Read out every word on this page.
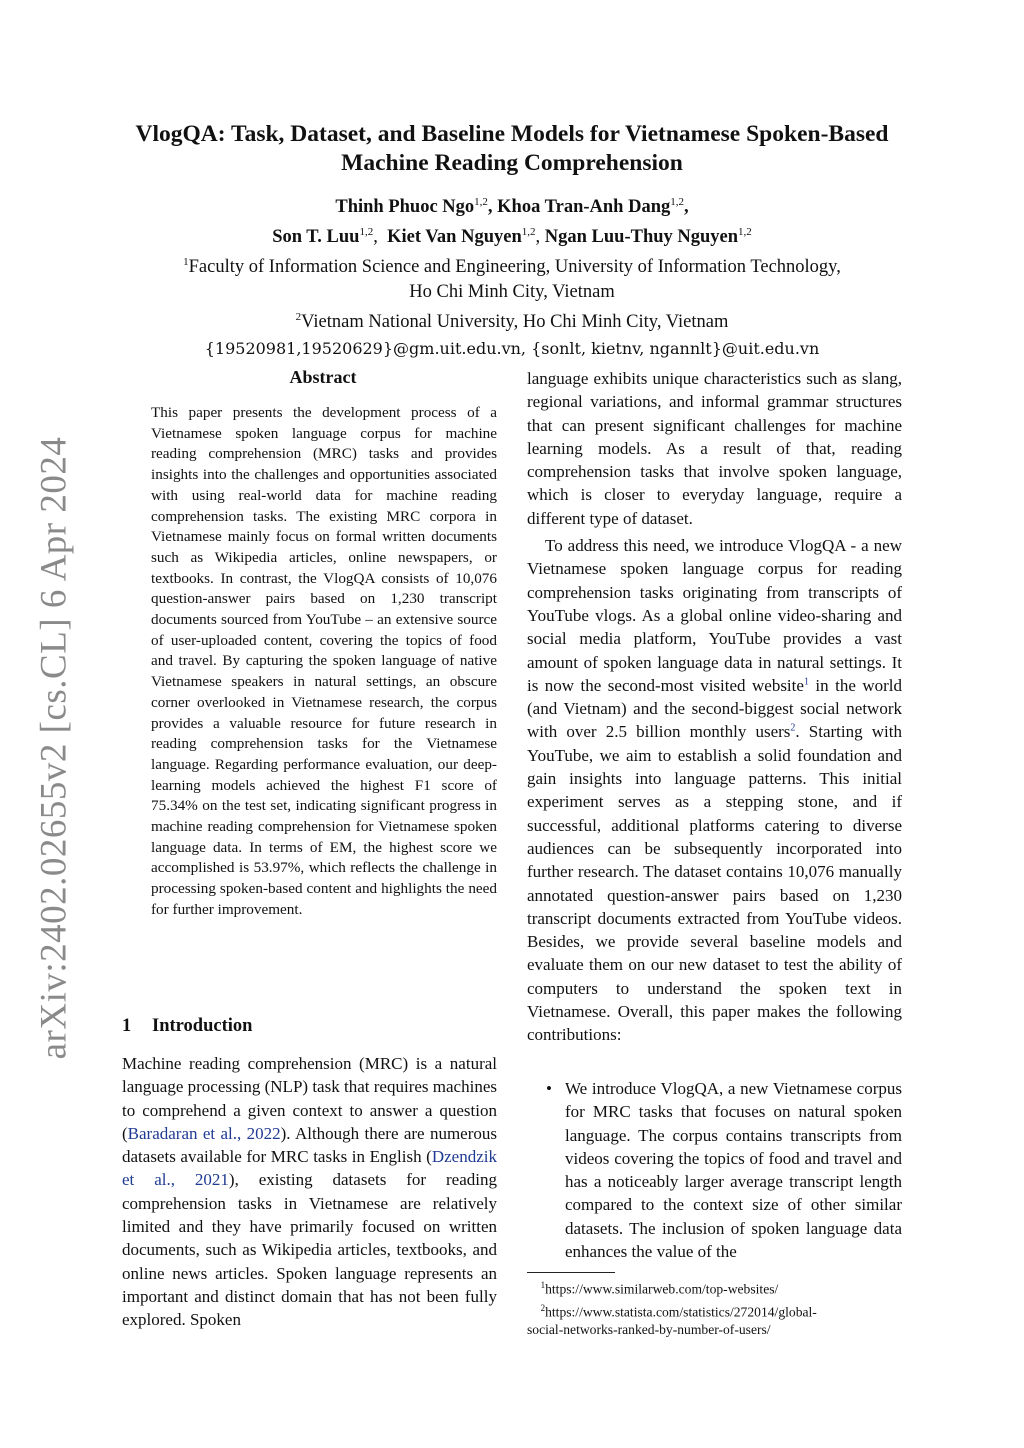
arXiv:2402.02655v2 [cs.CL] 6 Apr 2024
VlogQA: Task, Dataset, and Baseline Models for Vietnamese Spoken-Based
Machine Reading Comprehension
Thinh Phuoc Ngo$^{1,2}$, Khoa Tran-Anh Dang$^{1,2}$,
Son T. Luu$^{1,2}$,  Kiet Van Nguyen$^{1,2}$, Ngan Luu-Thuy Nguyen$^{1,2}$
$^1$Faculty of Information Science and Engineering, University of Information Technology,
Ho Chi Minh City, Vietnam
$^2$Vietnam National University, Ho Chi Minh City, Vietnam
{19520981,19520629}@gm.uit.edu.vn, {sonlt, kietnv, ngannlt}@uit.edu.vn
Abstract
This paper presents the development process of a Vietnamese spoken language corpus for machine reading comprehension (MRC) tasks and provides insights into the challenges and opportunities associated with using real-world data for machine reading comprehension tasks. The existing MRC corpora in Vietnamese mainly focus on formal written documents such as Wikipedia articles, online newspapers, or textbooks. In contrast, the VlogQA consists of 10,076 question-answer pairs based on 1,230 transcript documents sourced from YouTube – an extensive source of user-uploaded content, covering the topics of food and travel. By capturing the spoken language of native Vietnamese speakers in natural settings, an obscure corner overlooked in Vietnamese research, the corpus provides a valuable resource for future research in reading comprehension tasks for the Vietnamese language. Regarding performance evaluation, our deep-learning models achieved the highest F1 score of 75.34% on the test set, indicating significant progress in machine reading comprehension for Vietnamese spoken language data. In terms of EM, the highest score we accomplished is 53.97%, which reflects the challenge in processing spoken-based content and highlights the need for further improvement.
1 Introduction
Machine reading comprehension (MRC) is a natural language processing (NLP) task that requires machines to comprehend a given context to answer a question (Baradaran et al., 2022). Although there are numerous datasets available for MRC tasks in English (Dzendzik et al., 2021), existing datasets for reading comprehension tasks in Vietnamese are relatively limited and they have primarily focused on written documents, such as Wikipedia articles, textbooks, and online news articles. Spoken language represents an important and distinct domain that has not been fully explored. Spoken

language exhibits unique characteristics such as slang, regional variations, and informal grammar structures that can present significant challenges for machine learning models. As a result of that, reading comprehension tasks that involve spoken language, which is closer to everyday language, require a different type of dataset.

To address this need, we introduce VlogQA - a new Vietnamese spoken language corpus for reading comprehension tasks originating from transcripts of YouTube vlogs. As a global online video-sharing and social media platform, YouTube provides a vast amount of spoken language data in natural settings. It is now the second-most visited website$^1$ in the world (and Vietnam) and the second-biggest social network with over 2.5 billion monthly users$^2$. Starting with YouTube, we aim to establish a solid foundation and gain insights into language patterns. This initial experiment serves as a stepping stone, and if successful, additional platforms catering to diverse audiences can be subsequently incorporated into further research. The dataset contains 10,076 manually annotated question-answer pairs based on 1,230 transcript documents extracted from YouTube videos. Besides, we provide several baseline models and evaluate them on our new dataset to test the ability of computers to understand the spoken text in Vietnamese. Overall, this paper makes the following contributions:

• We introduce VlogQA, a new Vietnamese corpus for MRC tasks that focuses on natural spoken language. The corpus contains transcripts from videos covering the topics of food and travel and has a noticeably larger average transcript length compared to the context size of other similar datasets. The inclusion of spoken language data enhances the value of the
$^1$https://www.similarweb.com/top-websites/
$^2$https://www.statista.com/statistics/272014/global-
social-networks-ranked-by-number-of-users/
